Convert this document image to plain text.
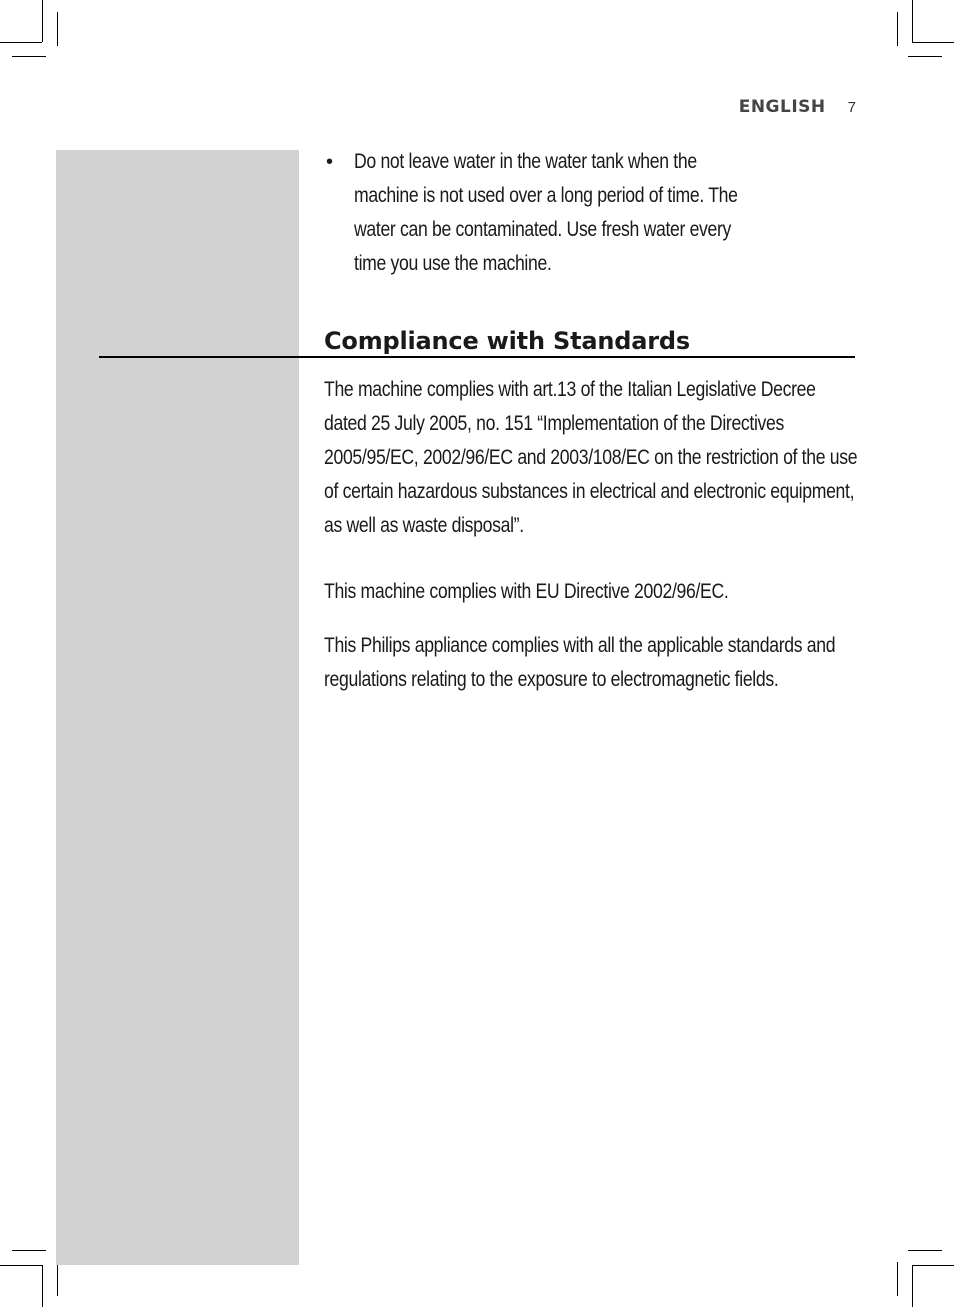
ENGLISH 7
• Do not leave water in the water tank when the machine is not used over a long period of time. The water can be contaminated. Use fresh water every time you use the machine.
Compliance with Standards

The machine complies with art.13 of the Italian Legislative Decree dated 25 July 2005, no. 151 “Implementation of the Directives 2005/95/EC, 2002/96/EC and 2003/108/EC on the restriction of the use of certain hazardous substances in electrical and electronic equipment, as well as waste disposal”.

This machine complies with EU Directive 2002/96/EC.

This Philips appliance complies with all the applicable standards and regulations relating to the exposure to electromagnetic fields.
